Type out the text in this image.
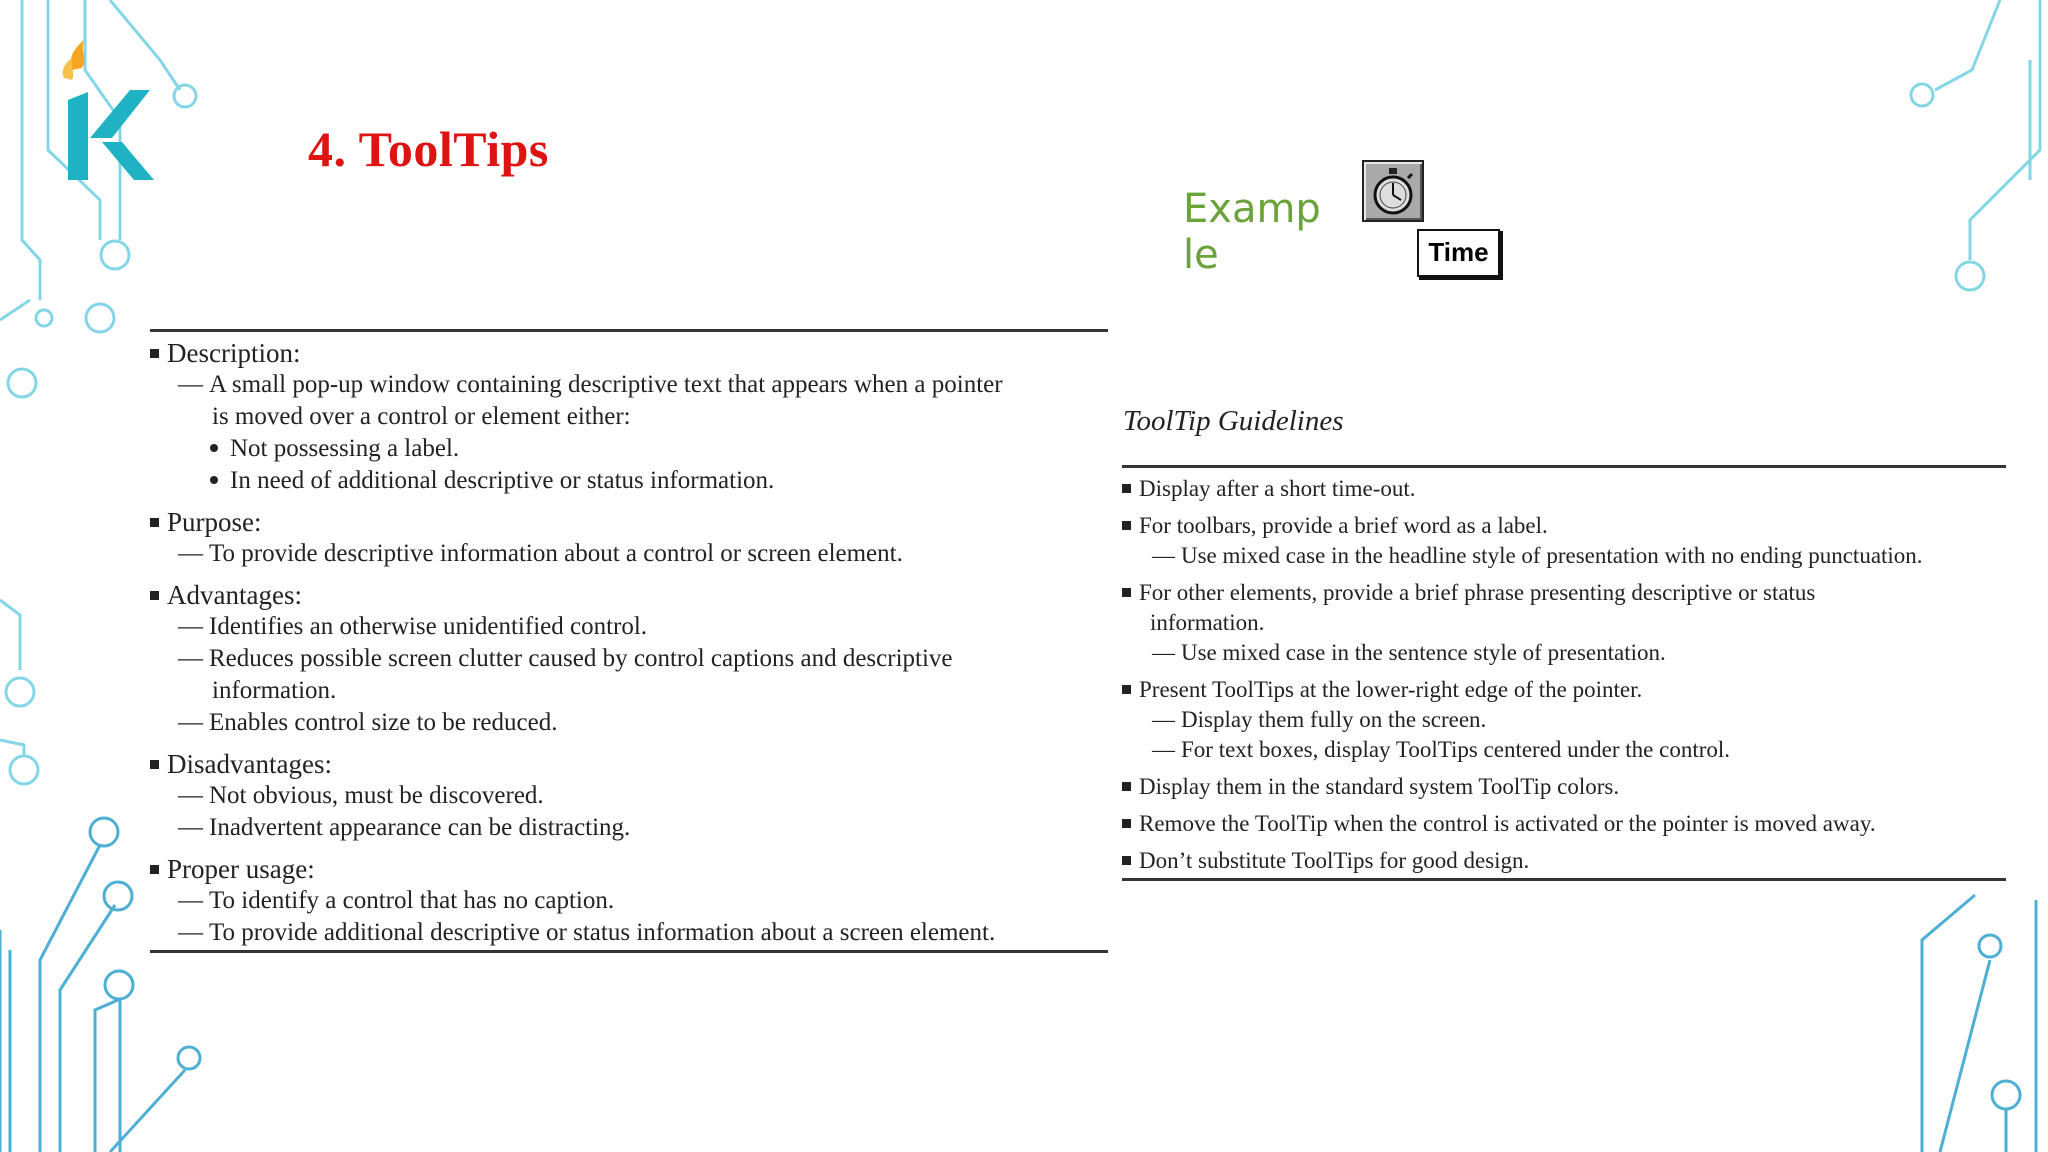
4. ToolTips
Example	Time
Description:
— A small pop-up window containing descriptive text that appears when a pointer
is moved over a control or element either:
Not possessing a label.
In need of additional descriptive or status information.
Purpose:
— To provide descriptive information about a control or screen element.
Advantages:
— Identifies an otherwise unidentified control.
— Reduces possible screen clutter caused by control captions and descriptive
information.
— Enables control size to be reduced.
Disadvantages:
— Not obvious, must be discovered.
— Inadvertent appearance can be distracting.
Proper usage:
— To identify a control that has no caption.
— To provide additional descriptive or status information about a screen element.
ToolTip Guidelines
Display after a short time-out.
For toolbars, provide a brief word as a label.
— Use mixed case in the headline style of presentation with no ending punctuation.
For other elements, provide a brief phrase presenting descriptive or status
information.
— Use mixed case in the sentence style of presentation.
Present ToolTips at the lower-right edge of the pointer.
— Display them fully on the screen.
— For text boxes, display ToolTips centered under the control.
Display them in the standard system ToolTip colors.
Remove the ToolTip when the control is activated or the pointer is moved away.
Don’t substitute ToolTips for good design.
